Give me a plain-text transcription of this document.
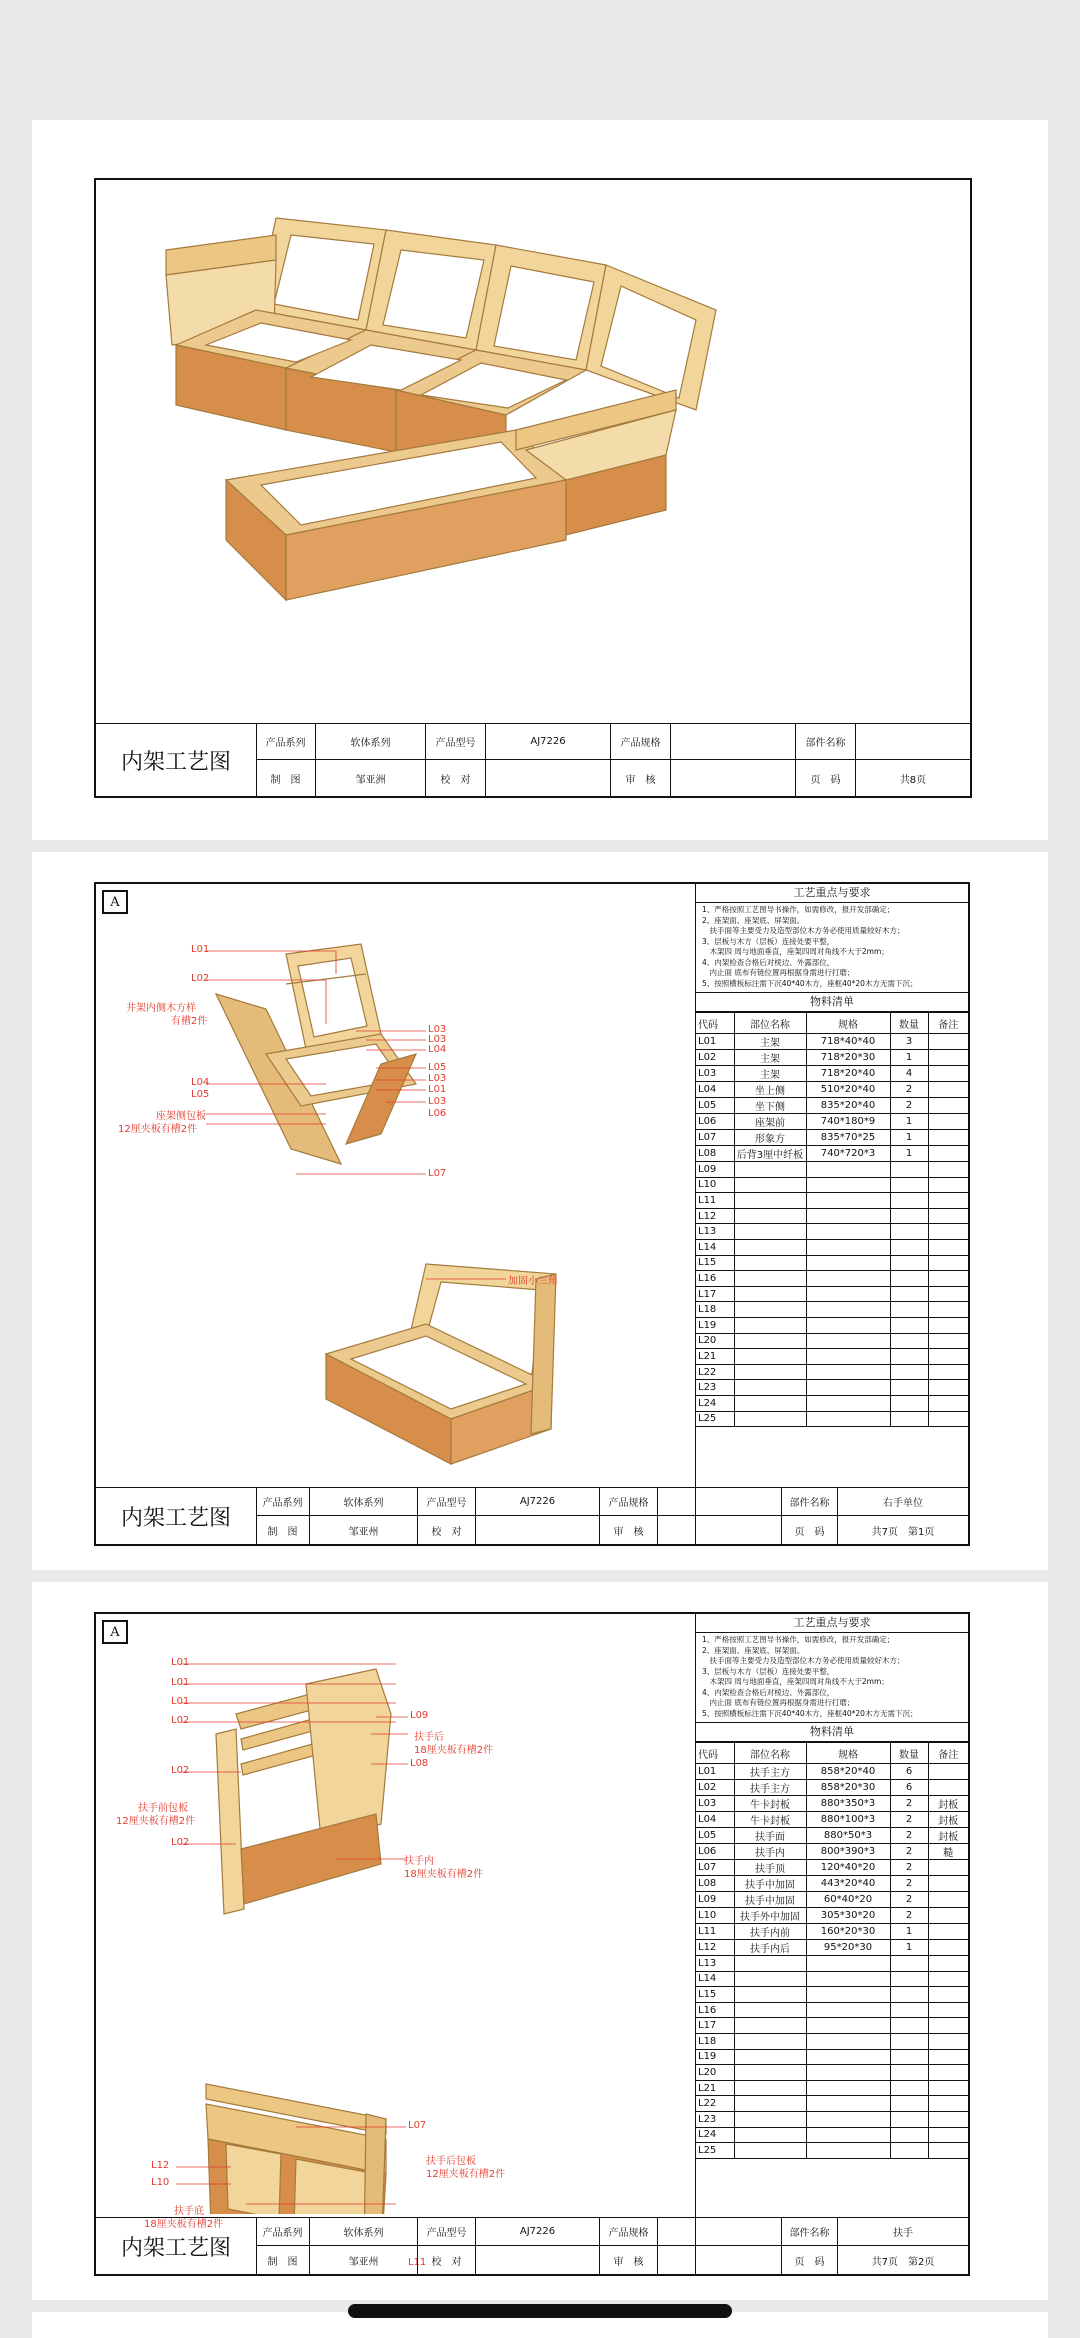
内架工艺图
产品系列	软体系列	产品型号	AJ7226	产品规格	部件名称
制　图	邹亚洲	校　对	审　核	页　码	共8页
A
L01
L02
井架内侧木方样
有槽2件
L03
L03
L04
L05
L03
L01
L03
L06
L04
L05
座架侧包板
12厘夹板有槽2件
L07
加固小三角
工艺重点与要求
1、严格按照工艺图导书操作，如需修改，报开发部确定；
2、座架面、座架底、屏架面。
　扶手面等主要受力及造型部位木方务必使用质量较好木方；
3、层板与木方（层板）连接处要平整，
　木架四 周与地面垂直，座架四周对角线不大于2mm；
4、内架检查合格后对棱边、外露部位，
　内止面 底布有链位置再根据身需进行打磨；
5、按照横板标注需下沉40*40木方，座框40*20木方无需下沉；
物料清单
代码	部位名称	规格	数量	备注
L01	主架	718*40*40	3	
L02	主架	718*20*30	1	
L03	主架	718*20*40	4	
L04	坐上侧	510*20*40	2	
L05	坐下侧	835*20*40	2	
L06	座架前	740*180*9	1	
L07	形象方	835*70*25	1	
L08	后背3厘中纤板	740*720*3	1	
L09				
L10				
L11				
L12				
L13				
L14				
L15				
L16				
L17				
L18				
L19				
L20				
L21				
L22				
L23				
L24				
L25				
内架工艺图
产品系列	软体系列	产品型号	AJ7226	产品规格	部件名称	右手单位
制　图	邹亚州	校　对	审　核	页　码	共7页　第1页
A
L01
L01
L01
L02	L09
扶手后
18厘夹板有槽2件
L08
L02
扶手前包板
12厘夹板有槽2件
L02
扶手内
18厘夹板有槽2件
L07
L12
L10
扶手后包板
12厘夹板有槽2件
扶手底
18厘夹板有槽2件
L11
工艺重点与要求
1、严格按照工艺图导书操作，如需修改，报开发部确定；
2、座架面、座架底、屏架面。
　扶手面等主要受力及造型部位木方务必使用质量较好木方；
3、层板与木方（层板）连接处要平整，
　木架四 周与地面垂直，座架四周对角线不大于2mm；
4、内架检查合格后对棱边、外露部位，
　内止面 底布有链位置再根据身需进行打磨；
5、按照横板标注需下沉40*40木方，座框40*20木方无需下沉；
物料清单
代码	部位名称	规格	数量	备注
L01	扶手主方	858*20*40	6	
L02	扶手主方	858*20*30	6	
L03	牛卡封板	880*350*3	2	封板
L04	牛卡封板	880*100*3	2	封板
L05	扶手面	880*50*3	2	封板
L06	扶手内	800*390*3	2	糙
L07	扶手顶	120*40*20	2	
L08	扶手中加固	443*20*40	2	
L09	扶手中加固	60*40*20	2	
L10	扶手外中加固	305*30*20	2	
L11	扶手内前	160*20*30	1	
L12	扶手内后	95*20*30	1	
L13				
L14				
L15				
L16				
L17				
L18				
L19				
L20				
L21				
L22				
L23				
L24				
L25				
内架工艺图
产品系列	软体系列	产品型号	AJ7226	产品规格	部件名称	扶手
制　图	邹亚州	校　对	审　核	页　码	共7页　第2页
